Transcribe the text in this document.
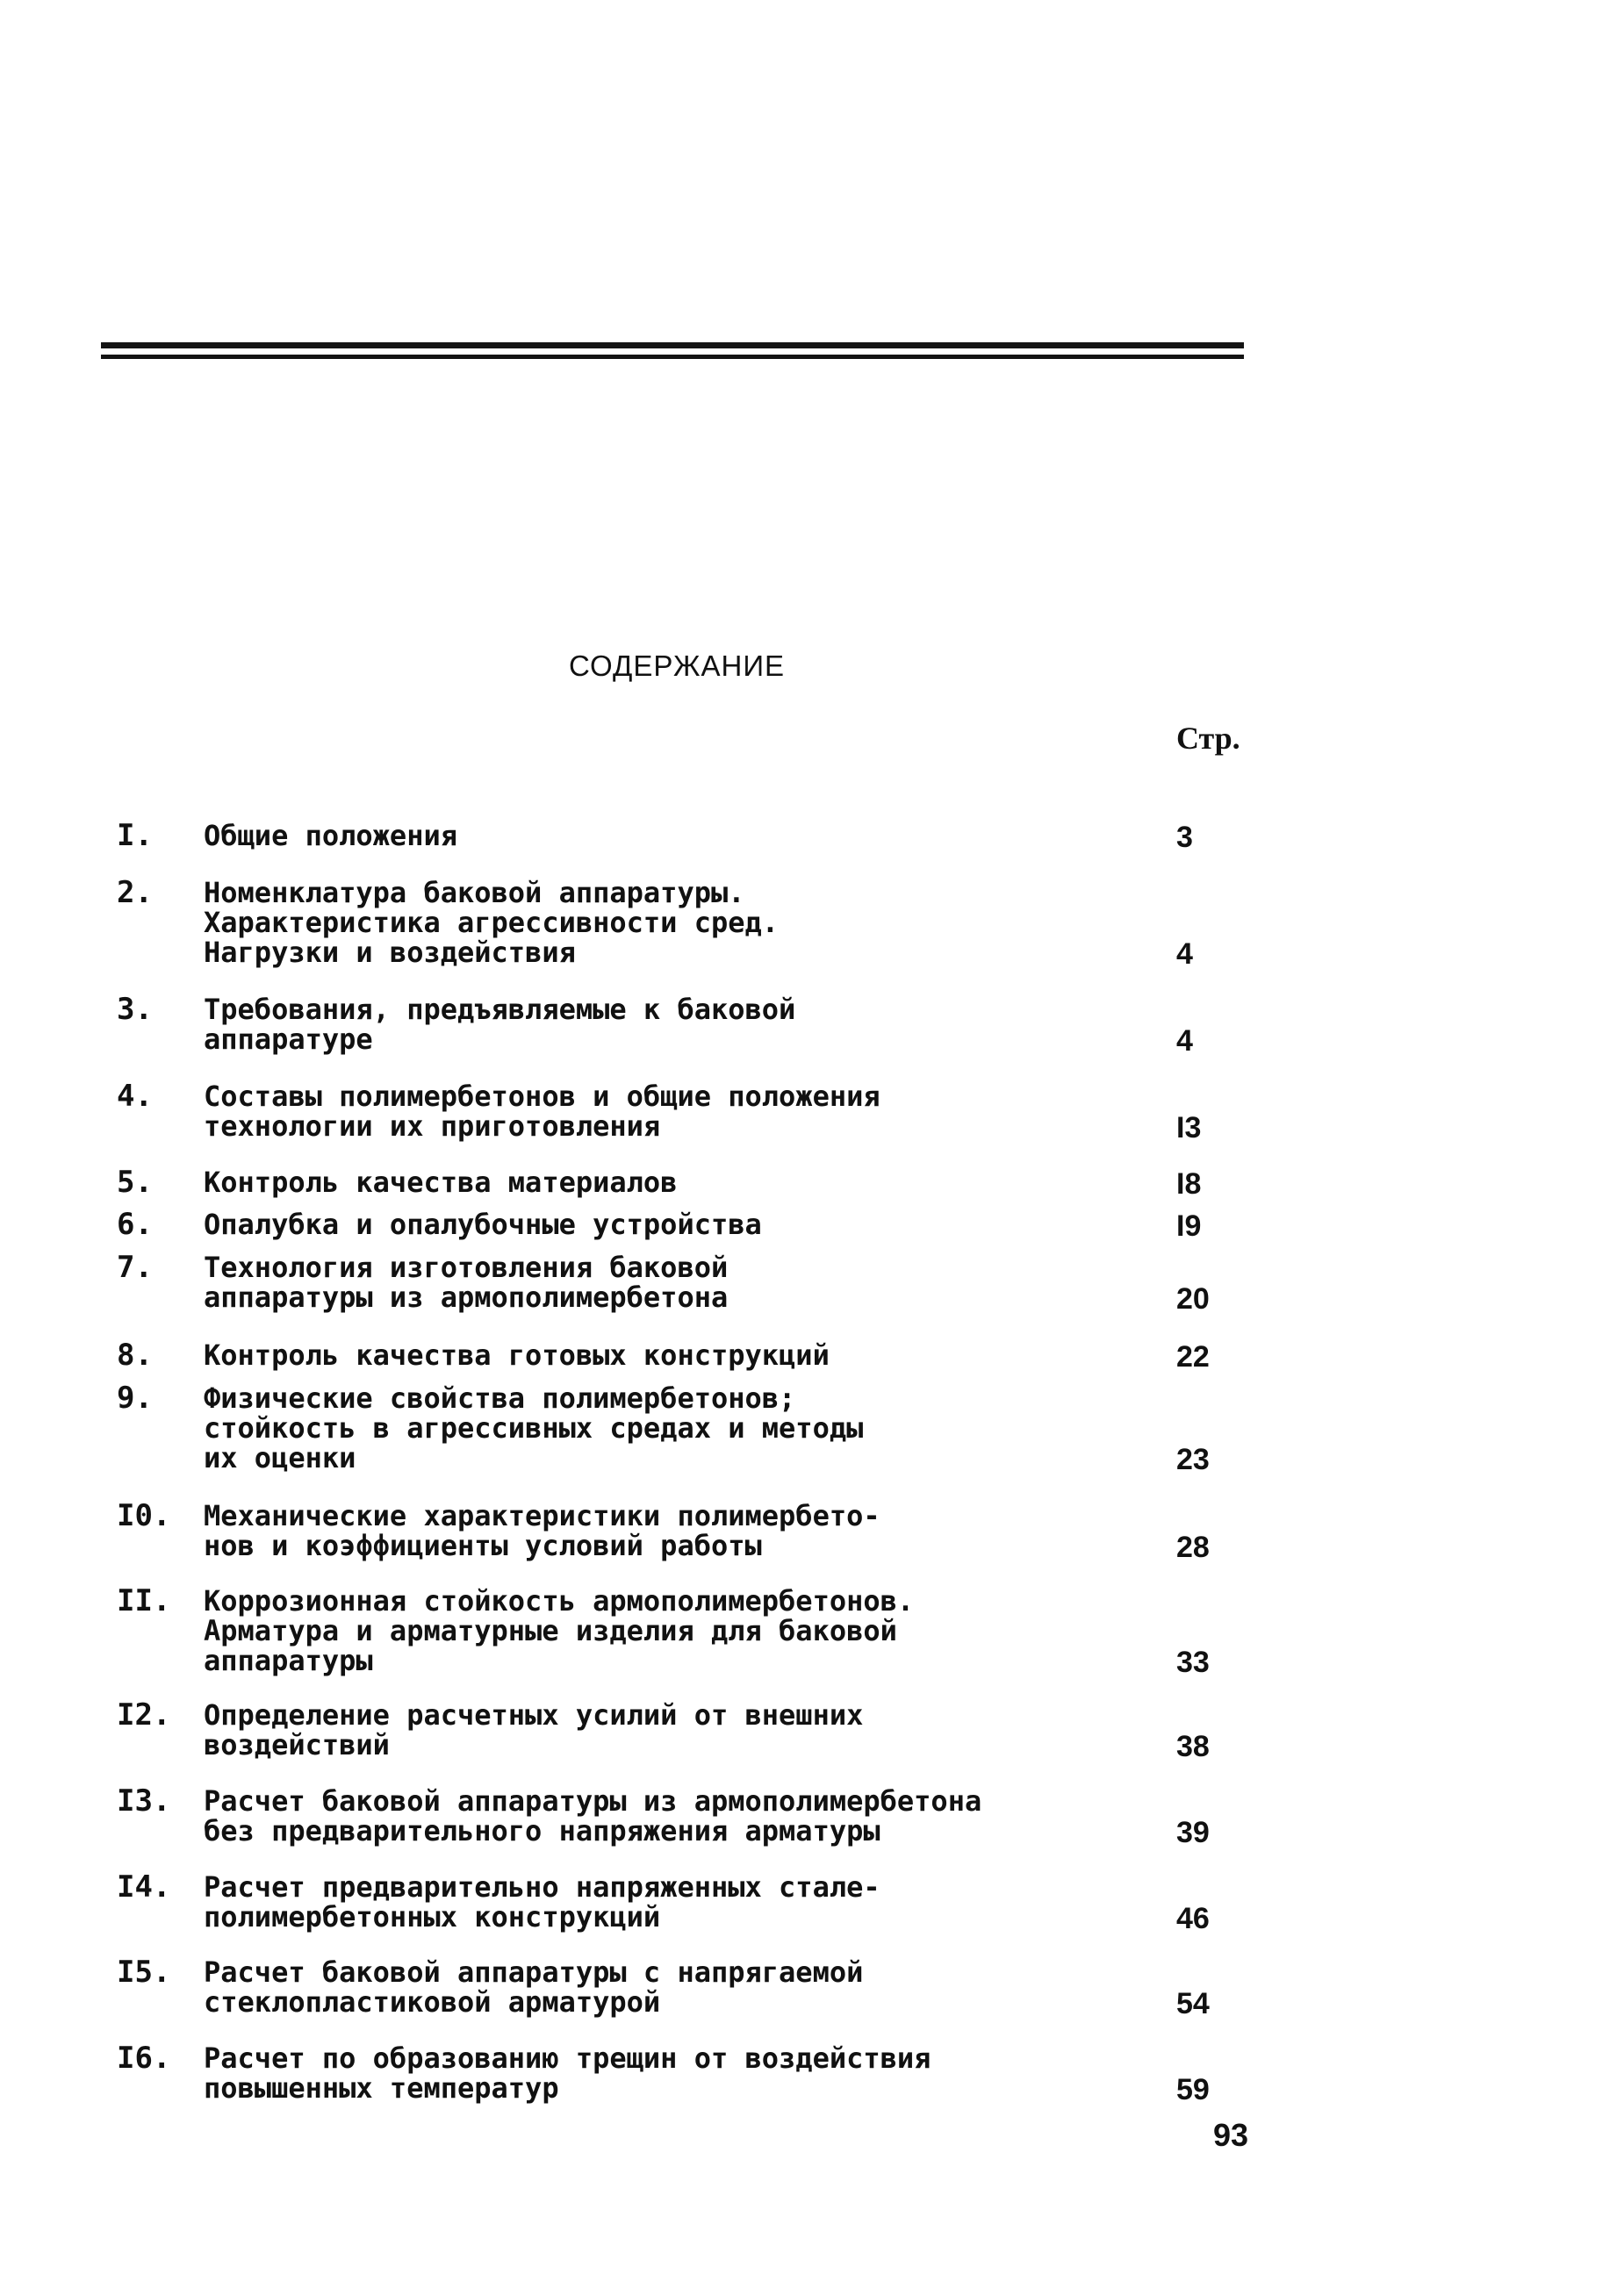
СОДЕРЖАНИЕ
Стр.
I. Общие положения	3
2. Номенклатура баковой аппаратуры.
Характеристика агрессивности сред.
Нагрузки и воздействия	4
3. Требования, предъявляемые к баковой
аппаратуре	4
4. Составы полимербетонов и общие положения
технологии их приготовления	I3
5. Контроль качества материалов	I8
6. Опалубка и опалубочные устройства	I9
7. Технология изготовления баковой
аппаратуры из армополимербетона	20
8. Контроль качества готовых конструкций	22
9. Физические свойства полимербетонов;
стойкость в агрессивных средах и методы
их оценки	23
I0. Механические характеристики полимербето-
нов и коэффициенты условий работы	28
II. Коррозионная стойкость армополимербетонов.
Арматура и арматурные изделия для баковой
аппаратуры	33
I2. Определение расчетных усилий от внешних
воздействий	38
I3. Расчет баковой аппаратуры из армополимербетона
без предварительного напряжения арматуры	39
I4. Расчет предварительно напряженных стале-
полимербетонных конструкций	46
I5. Расчет баковой аппаратуры с напрягаемой
стеклопластиковой арматурой	54
I6. Расчет по образованию трещин от воздействия
повышенных температур	59
93
